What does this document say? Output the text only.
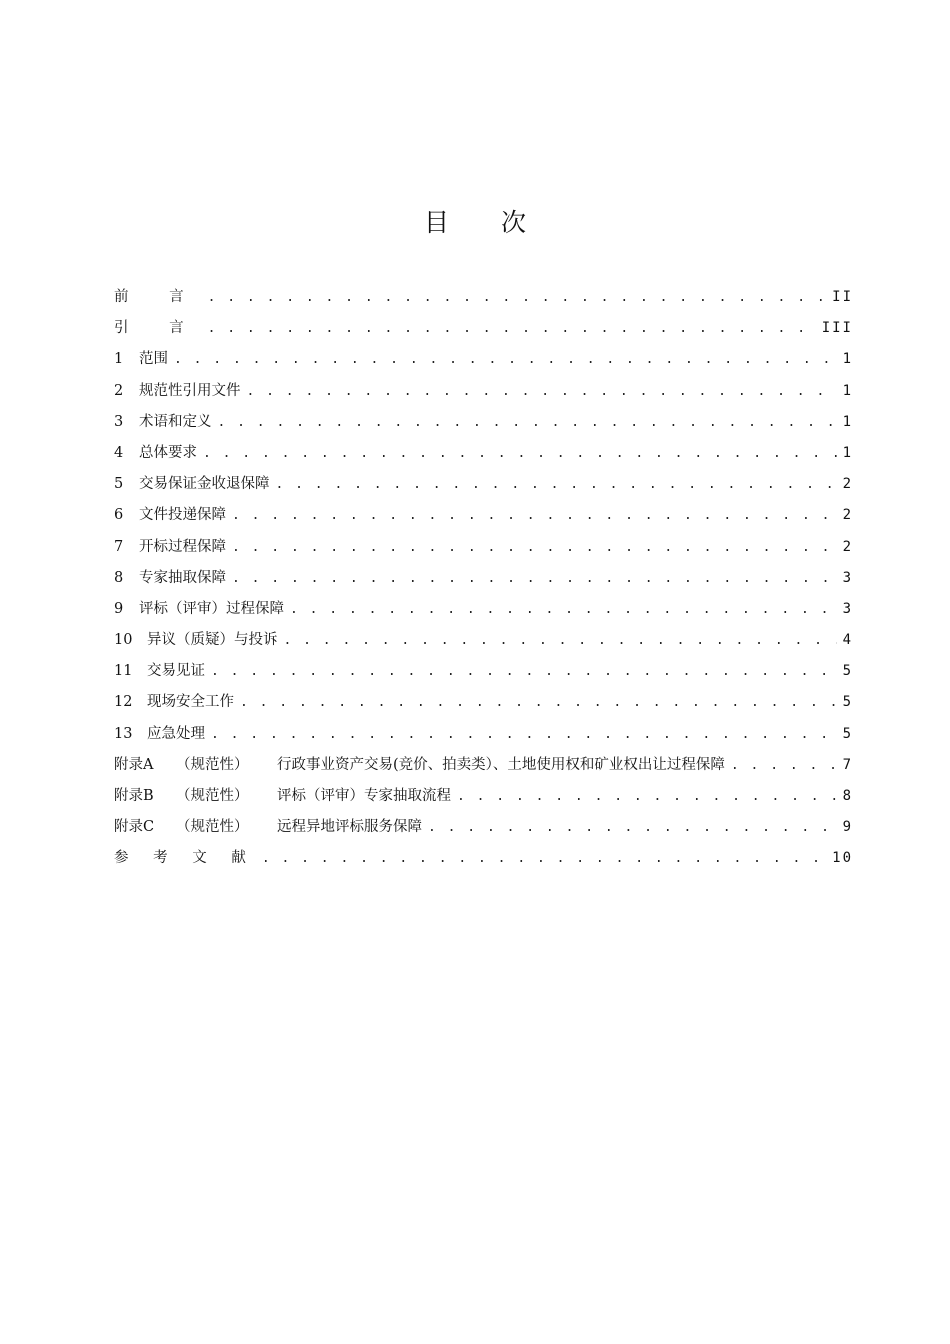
目 次
前 言 . . .	II
引 言 . . .	III
1	范围 . . .	1
2	规范性引用文件 . . .	1
3	术语和定义 . . .	1
4	总体要求 . . .	1
5	交易保证金收退保障 . . .	2
6	文件投递保障 . . .	2
7	开标过程保障 . . .	2
8	专家抽取保障 . . .	3
9	评标（评审）过程保障 . . .	3
10	异议（质疑）与投诉 . . .	4
11	交易见证 . . .	5
12	现场安全工作 . . .	5
13	应急处理 . . .	5
附录A	（规范性）	行政事业资产交易(竞价、拍卖类）、土地使用权和矿业权出让过程保障 . . .	7
附录B	（规范性）	评标（评审）专家抽取流程 . . .	8
附录C	（规范性）	远程异地评标服务保障 . . .	9
参 考 文 献 . . .	10
